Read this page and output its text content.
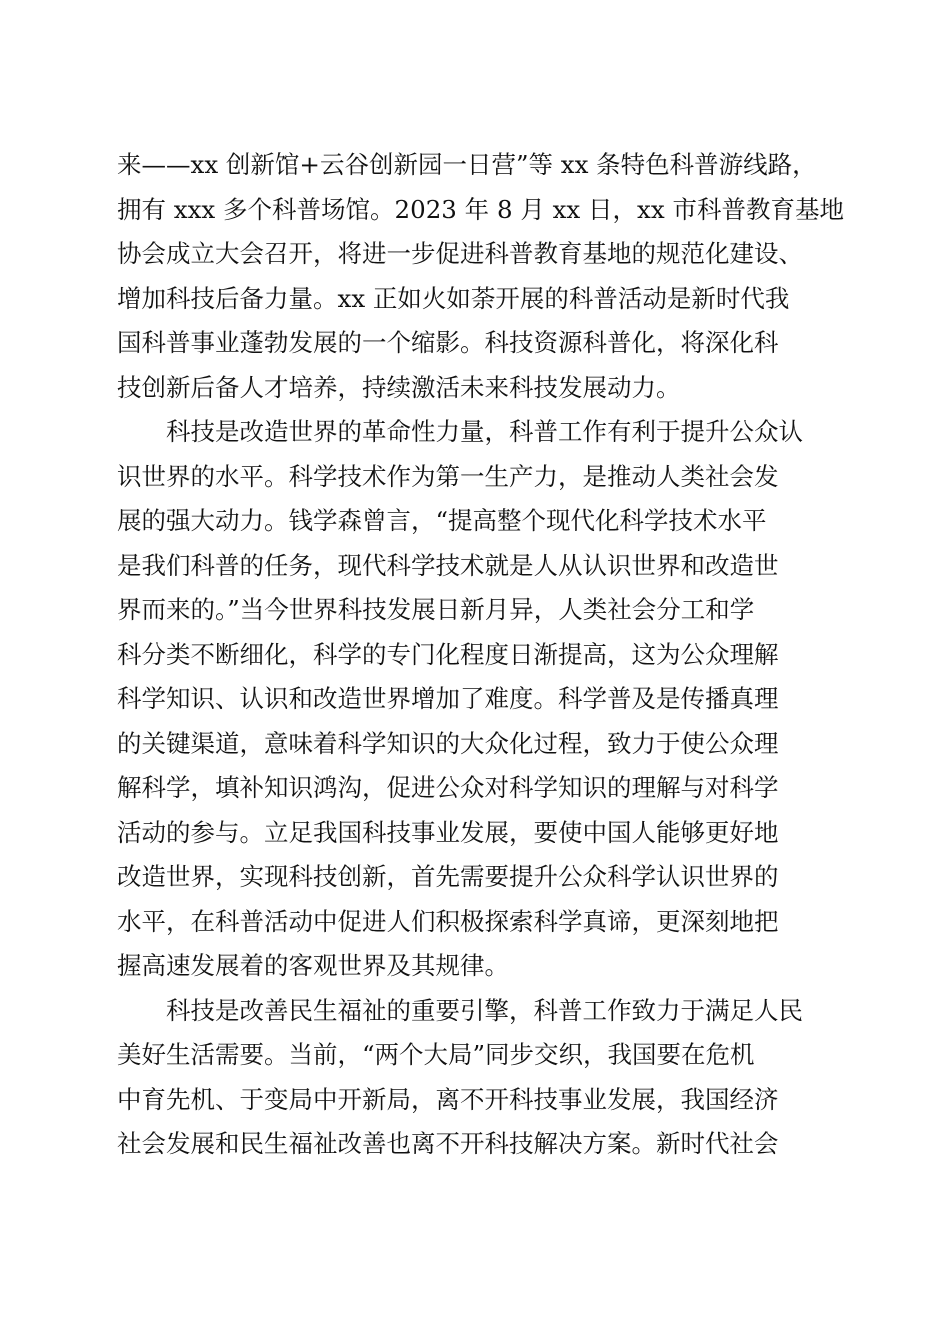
来——xx 创新馆+云谷创新园一日营”等 xx 条特色科普游线路，
拥有 xxx 多个科普场馆。2023 年 8 月 xx 日，xx 市科普教育基地
协会成立大会召开，将进一步促进科普教育基地的规范化建设、
增加科技后备力量。xx 正如火如荼开展的科普活动是新时代我
国科普事业蓬勃发展的一个缩影。科技资源科普化，将深化科
技创新后备人才培养，持续激活未来科技发展动力。
科技是改造世界的革命性力量，科普工作有利于提升公众认
识世界的水平。科学技术作为第一生产力，是推动人类社会发
展的强大动力。钱学森曾言，“提高整个现代化科学技术水平
是我们科普的任务，现代科学技术就是人从认识世界和改造世
界而来的。”当今世界科技发展日新月异，人类社会分工和学
科分类不断细化，科学的专门化程度日渐提高，这为公众理解
科学知识、认识和改造世界增加了难度。科学普及是传播真理
的关键渠道，意味着科学知识的大众化过程，致力于使公众理
解科学，填补知识鸿沟，促进公众对科学知识的理解与对科学
活动的参与。立足我国科技事业发展，要使中国人能够更好地
改造世界，实现科技创新，首先需要提升公众科学认识世界的
水平，在科普活动中促进人们积极探索科学真谛，更深刻地把
握高速发展着的客观世界及其规律。
科技是改善民生福祉的重要引擎，科普工作致力于满足人民
美好生活需要。当前，“两个大局”同步交织，我国要在危机
中育先机、于变局中开新局，离不开科技事业发展，我国经济
社会发展和民生福祉改善也离不开科技解决方案。新时代社会
